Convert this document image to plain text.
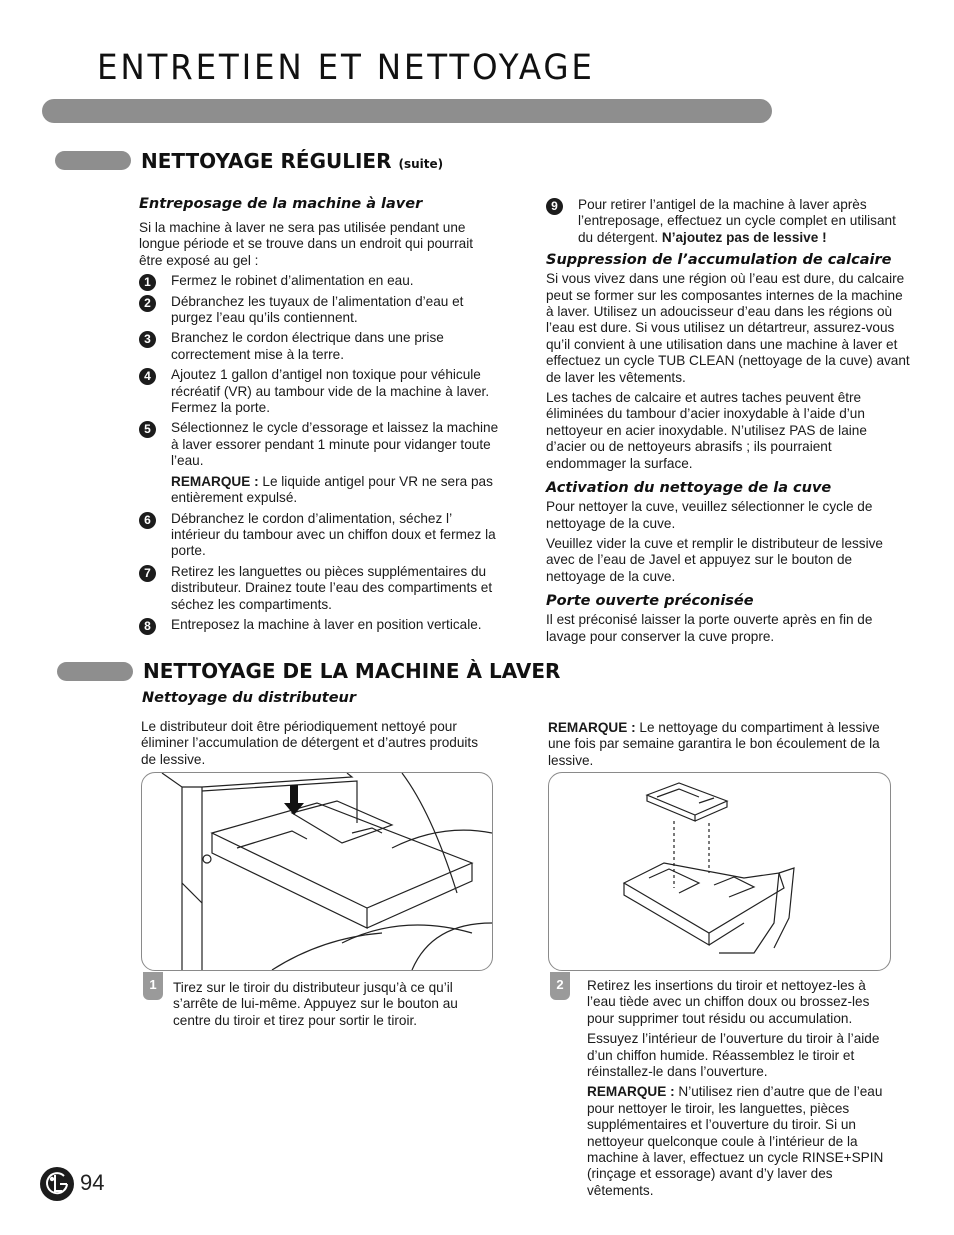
ENTRETIEN ET NETTOYAGE
NETTOYAGE RÉGULIER (suite)
Entreposage de la machine à laver
Si la machine à laver ne sera pas utilisée pendant une longue période et se trouve dans un endroit qui pourrait être exposé au gel :
1	Fermez le robinet d’alimentation en eau.
2	Débranchez les tuyaux de l’alimentation d’eau et purgez l’eau qu’ils contiennent.
3	Branchez le cordon électrique dans une prise correctement mise à la terre.
4	Ajoutez 1 gallon d’antigel non toxique pour véhicule récréatif (VR) au tambour vide de la machine à laver. Fermez la porte.
5	Sélectionnez le cycle d’essorage et laissez la machine à laver essorer pendant 1 minute pour vidanger toute l’eau.
REMARQUE : Le liquide antigel pour VR ne sera pas entièrement expulsé.
6	Débranchez le cordon d’alimentation, séchez l’ intérieur du tambour avec un chiffon doux et fermez la porte.
7	Retirez les languettes ou pièces supplémentaires du distributeur. Drainez toute l’eau des compartiments et séchez les compartiments.
8	Entreposez la machine à laver en position verticale.
9	Pour retirer l’antigel de la machine à laver après l’entreposage, effectuez un cycle complet en utilisant du détergent. N’ajoutez pas de lessive !
Suppression de l’accumulation de calcaire
Si vous vivez dans une région où l’eau est dure, du calcaire peut se former sur les composantes internes de la machine à laver. Utilisez un adoucisseur d’eau dans les régions où l’eau est dure. Si vous utilisez un détartreur, assurez-vous qu’il convient à une utilisation dans une machine à laver et effectuez un cycle TUB CLEAN (nettoyage de la cuve) avant de laver les vêtements.
Les taches de calcaire et autres taches peuvent être éliminées du tambour d’acier inoxydable à l’aide d’un nettoyeur en acier inoxydable. N’utilisez PAS de laine d’acier ou de nettoyeurs abrasifs ; ils pourraient endommager la surface.
Activation du nettoyage de la cuve
Pour nettoyer la cuve, veuillez sélectionner le cycle de nettoyage de la cuve.
Veuillez vider la cuve et remplir le distributeur de lessive avec de l’eau de Javel et appuyez sur le bouton de nettoyage de la cuve.
Porte ouverte préconisée
Il est préconisé laisser la porte ouverte après en fin de lavage pour conserver la cuve propre.
NETTOYAGE DE LA MACHINE À LAVER
Nettoyage du distributeur
Le distributeur doit être périodiquement nettoyé pour éliminer l’accumulation de détergent et d’autres produits de lessive.
REMARQUE : Le nettoyage du compartiment à lessive une fois par semaine garantira le bon écoulement de la lessive.
1	Tirez sur le tiroir du distributeur jusqu’à ce qu’il s’arrête de lui-même. Appuyez sur le bouton au centre du tiroir et tirez pour sortir le tiroir.
2	Retirez les insertions du tiroir et nettoyez-les à l’eau tiède avec un chiffon doux ou brossez-les pour supprimer tout résidu ou accumulation.
Essuyez l’intérieur de l’ouverture du tiroir à l’aide d’un chiffon humide. Réassemblez le tiroir et réinstallez-le dans l’ouverture.
REMARQUE : N’utilisez rien d’autre que de l’eau pour nettoyer le tiroir, les languettes, pièces supplémentaires et l’ouverture du tiroir. Si un nettoyeur quelconque coule à l’intérieur de la machine à laver, effectuez un cycle RINSE+SPIN (rinçage et essorage) avant d’y laver des vêtements.
94
